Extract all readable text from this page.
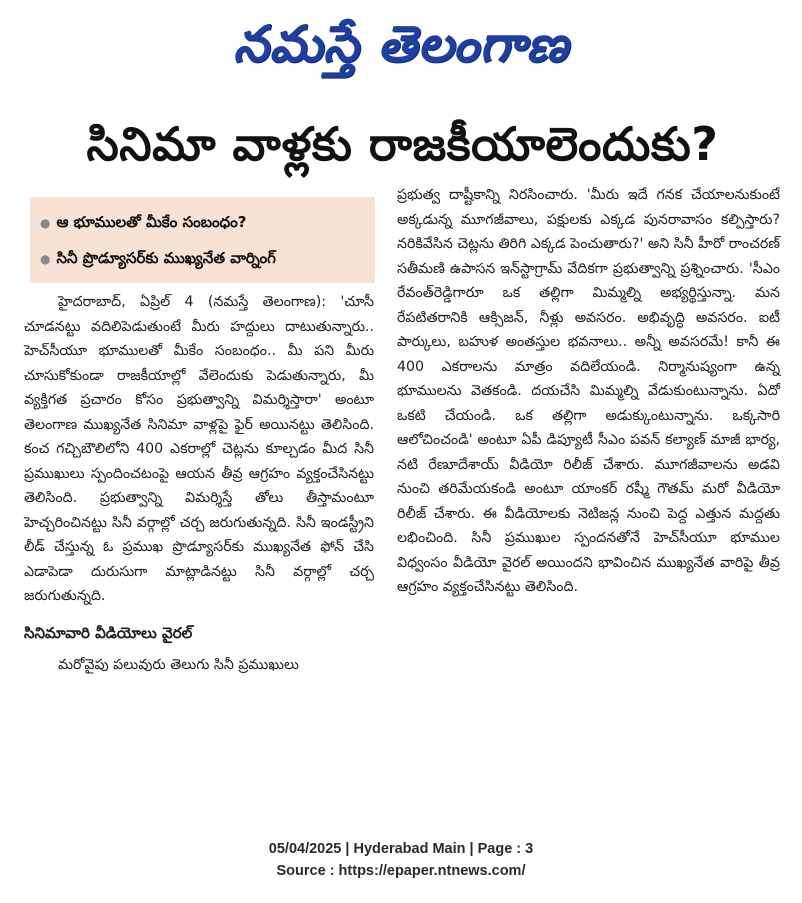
నమస్తే తెలంగాణ
సినిమా వాళ్లకు రాజకీయాలెందుకు?
● ఆ భూములతో మీకేం సంబంధం?
● సినీ ప్రొడ్యూసర్‌కు ముఖ్యనేత వార్నింగ్

హైదరాబాద్, ఏప్రిల్ 4 (నమస్తే తెలంగాణ): 'చూసీ చూడనట్టు వదిలిపెడుతుంటే మీరు హద్దులు దాటుతున్నారు.. హెచ్‌సీయూ భూములతో మీకేం సంబంధం.. మీ పని మీరు చూసుకోకుండా రాజకీయాల్లో వేలెందుకు పెడుతున్నారు, మీ వ్యక్తిగత ప్రచారం కోసం ప్రభుత్వాన్ని విమర్శిస్తారా' అంటూ తెలంగాణ ముఖ్యనేత సినిమా వాళ్లపై ఫైర్ అయినట్టు తెలిసింది. కంచ గచ్చిబౌలిలోని 400 ఎకరాల్లో చెట్లను కూల్చడం మీద సినీ ప్రముఖులు స్పందించటంపై ఆయన తీవ్ర ఆగ్రహం వ్యక్తంచేసినట్టు తెలిసింది. ప్రభుత్వాన్ని విమర్శిస్తే తోలు తీస్తామంటూ హెచ్చరించినట్టు సినీ వర్గాల్లో చర్చ జరుగుతున్నది. సినీ ఇండస్ట్రీని లీడ్ చేస్తున్న ఓ ప్రముఖ ప్రొడ్యూసర్‌కు ముఖ్యనేత ఫోన్ చేసి ఎడాపెడా దురుసుగా మాట్లాడినట్టు సినీ వర్గాల్లో చర్చ జరుగుతున్నది.

సినిమావారి వీడియోలు వైరల్

మరోవైపు పలువురు తెలుగు సినీ ప్రముఖులు

ప్రభుత్వ దాష్టీకాన్ని నిరసించారు. 'మీరు ఇదే గనక చేయాలనుకుంటే అక్కడున్న మూగజీవాలు, పక్షులకు ఎక్కడ పునరావాసం కల్పిస్తారు? నరికివేసిన చెట్లను తిరిగి ఎక్కడ పెంచుతారు?' అని సినీ హీరో రాంచరణ్ సతీమణి ఉపాసన ఇన్‌స్టాగ్రామ్ వేదికగా ప్రభుత్వాన్ని ప్రశ్నించారు. 'సీఎం రేవంత్‌రెడ్డిగారూ ఒక తల్లిగా మిమ్మల్ని అభ్యర్థిస్తున్నా. మన రేపటితరానికి ఆక్సిజన్, నీళ్లు అవసరం. అభివృద్ధి అవసరం. ఐటీ పార్కులు, బహుళ అంతస్తుల భవనాలు.. అన్నీ అవసరమే! కానీ ఈ 400 ఎకరాలను మాత్రం వదిలేయండి. నిర్మానుష్యంగా ఉన్న భూములను వెతకండి. దయచేసి మిమ్మల్ని వేడుకుంటున్నాను. ఏదో ఒకటి చేయండి. ఒక తల్లిగా అడుక్కుంటున్నాను. ఒక్కసారి ఆలోచించండి' అంటూ ఏపీ డిప్యూటీ సీఎం పవన్ కల్యాణ్ మాజీ భార్య, నటి రేణూదేశాయ్ వీడియో రిలీజ్ చేశారు. మూగజీవాలను అడవి నుంచి తరిమేయకండి అంటూ యాంకర్ రష్మీ గౌతమ్ మరో వీడియో రిలీజ్ చేశారు. ఈ వీడియోలకు నెటిజన్ల నుంచి పెద్ద ఎత్తున మద్దతు లభించింది. సినీ ప్రముఖుల స్పందనతోనే హెచ్‌సీయూ భూముల విధ్వంసం వీడియో వైరల్ అయిందని భావించిన ముఖ్యనేత వారిపై తీవ్ర ఆగ్రహం వ్యక్తంచేసినట్టు తెలిసింది.

05/04/2025 | Hyderabad Main | Page : 3
Source : https://epaper.ntnews.com/
